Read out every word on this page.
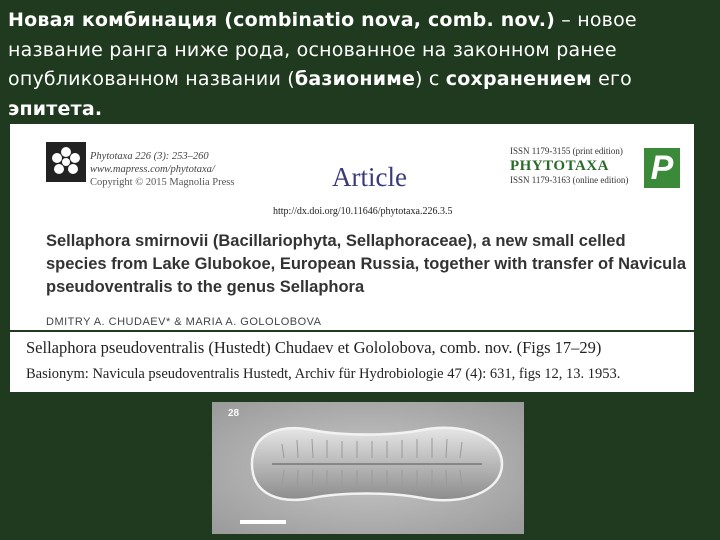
Новая комбинация (combinatio nova, comb. nov.) – новое название ранга ниже рода, основанное на законном ранее опубликованном названии (базиониме) с сохранением его эпитета.
Phytotaxa 226 (3): 253–260
www.mapress.com/phytotaxa/
Copyright © 2015 Magnolia Press	Article
ISSN 1179-3155 (print edition)
PHYTOTAXA
ISSN 1179-3163 (online edition) P
http://dx.doi.org/10.11646/phytotaxa.226.3.5
Sellaphora smirnovii (Bacillariophyta, Sellaphoraceae), a new small celled species from Lake Glubokoe, European Russia, together with transfer of Navicula pseudoventralis to the genus Sellaphora
DMITRY A. CHUDAEV* & MARIA A. GOLOLOBOVA
Sellaphora pseudoventralis (Hustedt) Chudaev et Gololobova, comb. nov. (Figs 17–29)
Basionym: Navicula pseudoventralis Hustedt, Archiv für Hydrobiologie 47 (4): 631, figs 12, 13. 1953.
28
